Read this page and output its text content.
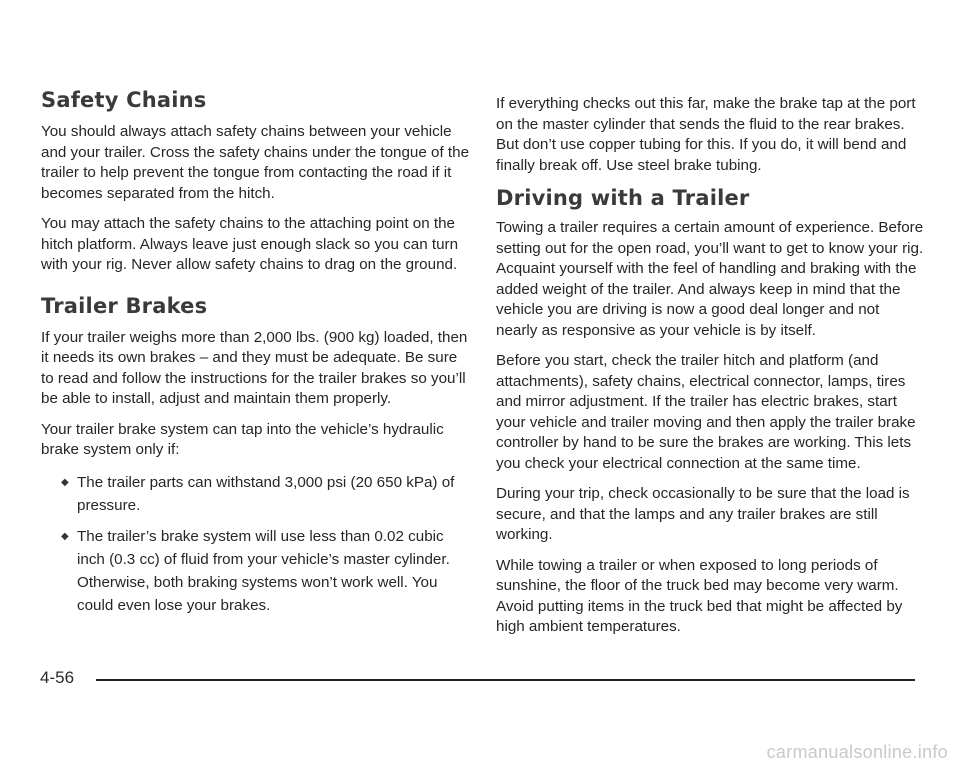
Safety Chains

You should always attach safety chains between your vehicle and your trailer. Cross the safety chains under the tongue of the trailer to help prevent the tongue from contacting the road if it becomes separated from the hitch.

You may attach the safety chains to the attaching point on the hitch platform. Always leave just enough slack so you can turn with your rig. Never allow safety chains to drag on the ground.

Trailer Brakes

If your trailer weighs more than 2,000 lbs. (900 kg) loaded, then it needs its own brakes – and they must be adequate. Be sure to read and follow the instructions for the trailer brakes so you’ll be able to install, adjust and maintain them properly.

Your trailer brake system can tap into the vehicle’s hydraulic brake system only if:

◆ The trailer parts can withstand 3,000 psi (20 650 kPa) of pressure.
◆ The trailer’s brake system will use less than 0.02 cubic inch (0.3 cc) of fluid from your vehicle’s master cylinder. Otherwise, both braking systems won’t work well. You could even lose your brakes.

If everything checks out this far, make the brake tap at the port on the master cylinder that sends the fluid to the rear brakes. But don’t use copper tubing for this. If you do, it will bend and finally break off. Use steel brake tubing.

Driving with a Trailer

Towing a trailer requires a certain amount of experience. Before setting out for the open road, you’ll want to get to know your rig. Acquaint yourself with the feel of handling and braking with the added weight of the trailer. And always keep in mind that the vehicle you are driving is now a good deal longer and not nearly as responsive as your vehicle is by itself.

Before you start, check the trailer hitch and platform (and attachments), safety chains, electrical connector, lamps, tires and mirror adjustment. If the trailer has electric brakes, start your vehicle and trailer moving and then apply the trailer brake controller by hand to be sure the brakes are working. This lets you check your electrical connection at the same time.

During your trip, check occasionally to be sure that the load is secure, and that the lamps and any trailer brakes are still working.

While towing a trailer or when exposed to long periods of sunshine, the floor of the truck bed may become very warm. Avoid putting items in the truck bed that might be affected by high ambient temperatures.

4-56
carmanualsonline.info
